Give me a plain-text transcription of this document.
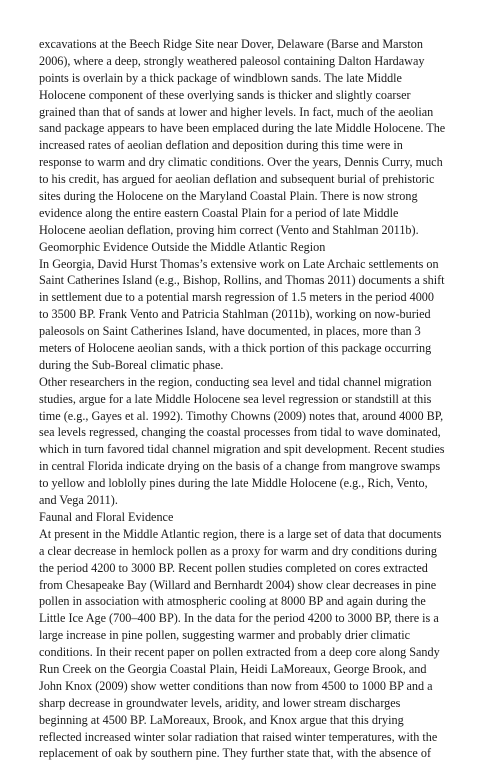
excavations at the Beech Ridge Site near Dover, Delaware (Barse and Marston
2006), where a deep, strongly weathered paleosol containing Dalton Hardaway
points is overlain by a thick package of windblown sands. The late Middle
Holocene component of these overlying sands is thicker and slightly coarser
grained than that of sands at lower and higher levels. In fact, much of the aeolian
sand package appears to have been emplaced during the late Middle Holocene. The
increased rates of aeolian deflation and deposition during this time were in
response to warm and dry climatic conditions. Over the years, Dennis Curry, much
to his credit, has argued for aeolian deflation and subsequent burial of prehistoric
sites during the Holocene on the Maryland Coastal Plain. There is now strong
evidence along the entire eastern Coastal Plain for a period of late Middle
Holocene aeolian deflation, proving him correct (Vento and Stahlman 2011b).
Geomorphic Evidence Outside the Middle Atlantic Region
In Georgia, David Hurst Thomas’s extensive work on Late Archaic settlements on
Saint Catherines Island (e.g., Bishop, Rollins, and Thomas 2011) documents a shift
in settlement due to a potential marsh regression of 1.5 meters in the period 4000
to 3500 BP. Frank Vento and Patricia Stahlman (2011b), working on now-buried
paleosols on Saint Catherines Island, have documented, in places, more than 3
meters of Holocene aeolian sands, with a thick portion of this package occurring
during the Sub-Boreal climatic phase.
Other researchers in the region, conducting sea level and tidal channel migration
studies, argue for a late Middle Holocene sea level regression or standstill at this
time (e.g., Gayes et al. 1992). Timothy Chowns (2009) notes that, around 4000 BP,
sea levels regressed, changing the coastal processes from tidal to wave dominated,
which in turn favored tidal channel migration and spit development. Recent studies
in central Florida indicate drying on the basis of a change from mangrove swamps
to yellow and loblolly pines during the late Middle Holocene (e.g., Rich, Vento,
and Vega 2011).
Faunal and Floral Evidence
At present in the Middle Atlantic region, there is a large set of data that documents
a clear decrease in hemlock pollen as a proxy for warm and dry conditions during
the period 4200 to 3000 BP. Recent pollen studies completed on cores extracted
from Chesapeake Bay (Willard and Bernhardt 2004) show clear decreases in pine
pollen in association with atmospheric cooling at 8000 BP and again during the
Little Ice Age (700–400 BP). In the data for the period 4200 to 3000 BP, there is a
large increase in pine pollen, suggesting warmer and probably drier climatic
conditions. In their recent paper on pollen extracted from a deep core along Sandy
Run Creek on the Georgia Coastal Plain, Heidi LaMoreaux, George Brook, and
John Knox (2009) show wetter conditions than now from 4500 to 1000 BP and a
sharp decrease in groundwater levels, aridity, and lower stream discharges
beginning at 4500 BP. LaMoreaux, Brook, and Knox argue that this drying
reflected increased winter solar radiation that raised winter temperatures, with the
replacement of oak by southern pine. They further state that, with the absence of
